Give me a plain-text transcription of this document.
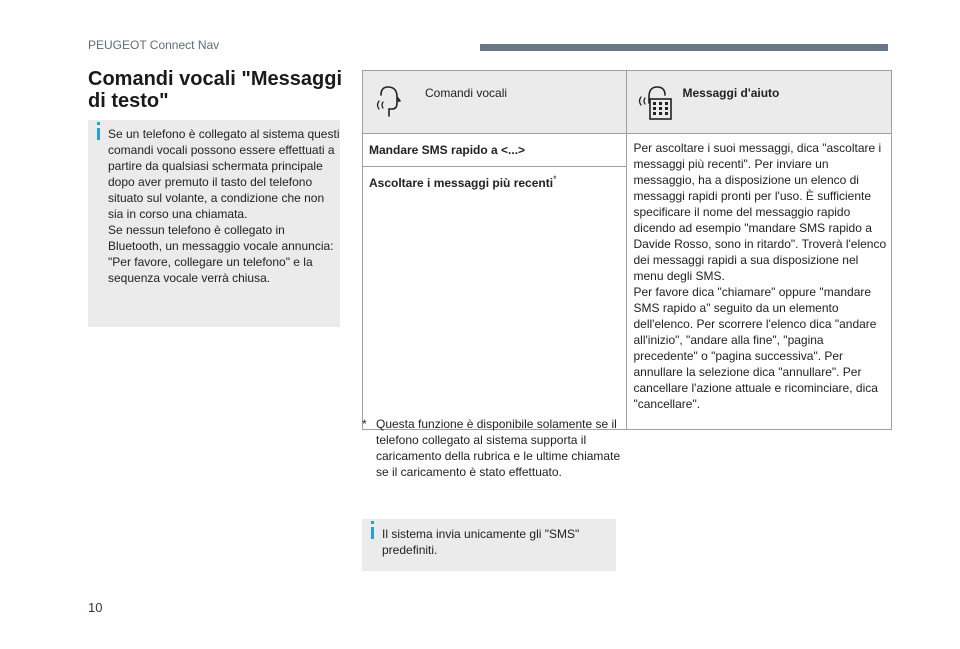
PEUGEOT Connect Nav
Comandi vocali "Messaggi di testo"

Se un telefono è collegato al sistema questi comandi vocali possono essere effettuati a partire da qualsiasi schermata principale dopo aver premuto il tasto del telefono situato sul volante, a condizione che non sia in corso una chiamata.
Se nessun telefono è collegato in Bluetooth, un messaggio vocale annuncia: "Per favore, collegare un telefono" e la sequenza vocale verrà chiusa.

Comandi vocali	Messaggi d'aiuto

Mandare SMS rapido a <...>	Per ascoltare i suoi messaggi, dica "ascoltare i messaggi più recenti". Per inviare un messaggio, ha a disposizione un elenco di messaggi rapidi pronti per l'uso. È sufficiente specificare il nome del messaggio rapido dicendo ad esempio "mandare SMS rapido a Davide Rosso, sono in ritardo". Troverà l'elenco dei messaggi rapidi a sua disposizione nel menu degli SMS.
Per favore dica "chiamare" oppure "mandare SMS rapido a" seguito da un elemento dell'elenco. Per scorrere l'elenco dica "andare all'inizio", "andare alla fine", "pagina precedente" o "pagina successiva". Per annullare la selezione dica "annullare". Per cancellare l'azione attuale e ricominciare, dica "cancellare".

Ascoltare i messaggi più recenti*

* Questa funzione è disponibile solamente se il telefono collegato al sistema supporta il caricamento della rubrica e le ultime chiamate se il caricamento è stato effettuato.

Il sistema invia unicamente gli "SMS" predefiniti.

10
